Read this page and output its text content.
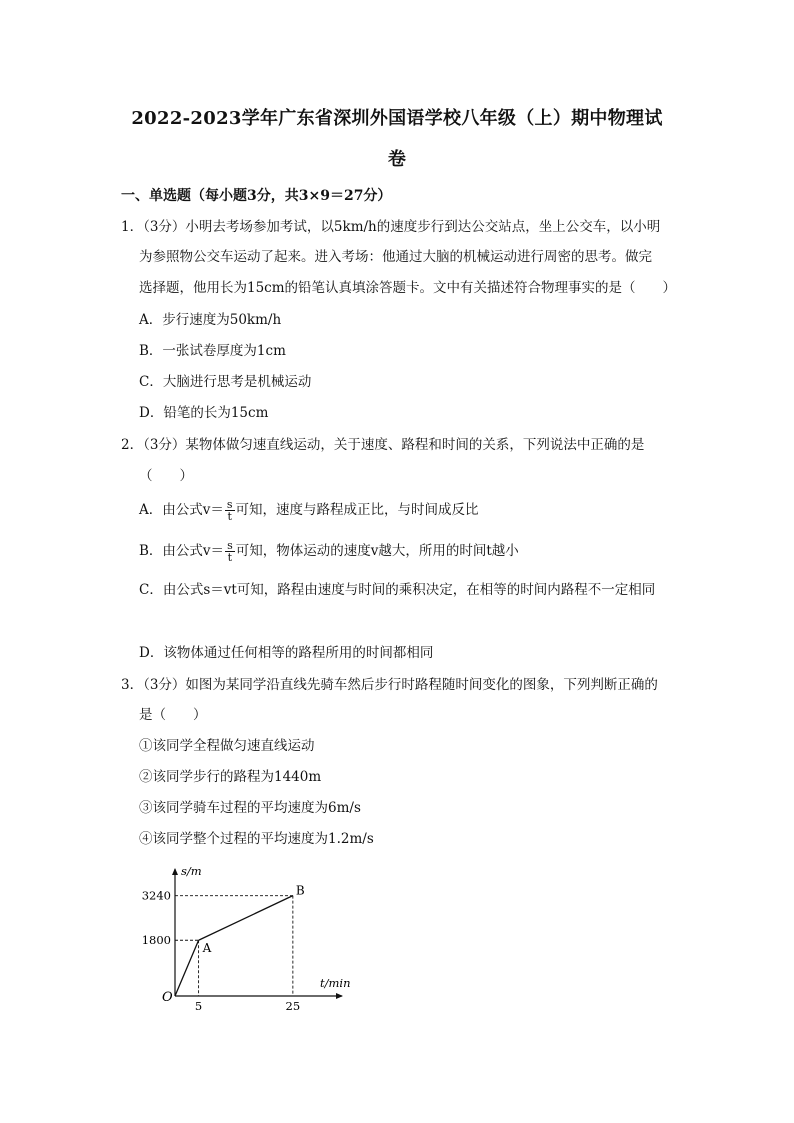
2022-2023学年广东省深圳外国语学校八年级（上）期中物理试
卷
一、单选题（每小题3分，共3×9＝27分）
1．（3分）小明去考场参加考试，以5km/h的速度步行到达公交站点，坐上公交车，以小明
为参照物公交车运动了起来。进入考场：他通过大脑的机械运动进行周密的思考。做完
选择题，他用长为15cm的铅笔认真填涂答题卡。文中有关描述符合物理事实的是（　　）
A．步行速度为50km/h
B．一张试卷厚度为1cm
C．大脑进行思考是机械运动
D．铅笔的长为15cm
2．（3分）某物体做匀速直线运动，关于速度、路程和时间的关系，下列说法中正确的是
（　　）
A．由公式$v= \frac{s}{t}$ 可知，速度与路程成正比，与时间成反比
B．由公式$v= \frac{s}{t}$ 可知，物体运动的速度v越大，所用的时间t越小
C．由公式s＝vt可知，路程由速度与时间的乘积决定，在相等的时间内路程不一定相同
D．该物体通过任何相等的路程所用的时间都相同
3．（3分）如图为某同学沿直线先骑车然后步行时路程随时间变化的图象，下列判断正确的
是（　　）
①该同学全程做匀速直线运动
②该同学步行的路程为1440m
③该同学骑车过程的平均速度为6m/s
④该同学整个过程的平均速度为1.2m/s
A
B
1800
3240
5	25
O
s/m
t/min
